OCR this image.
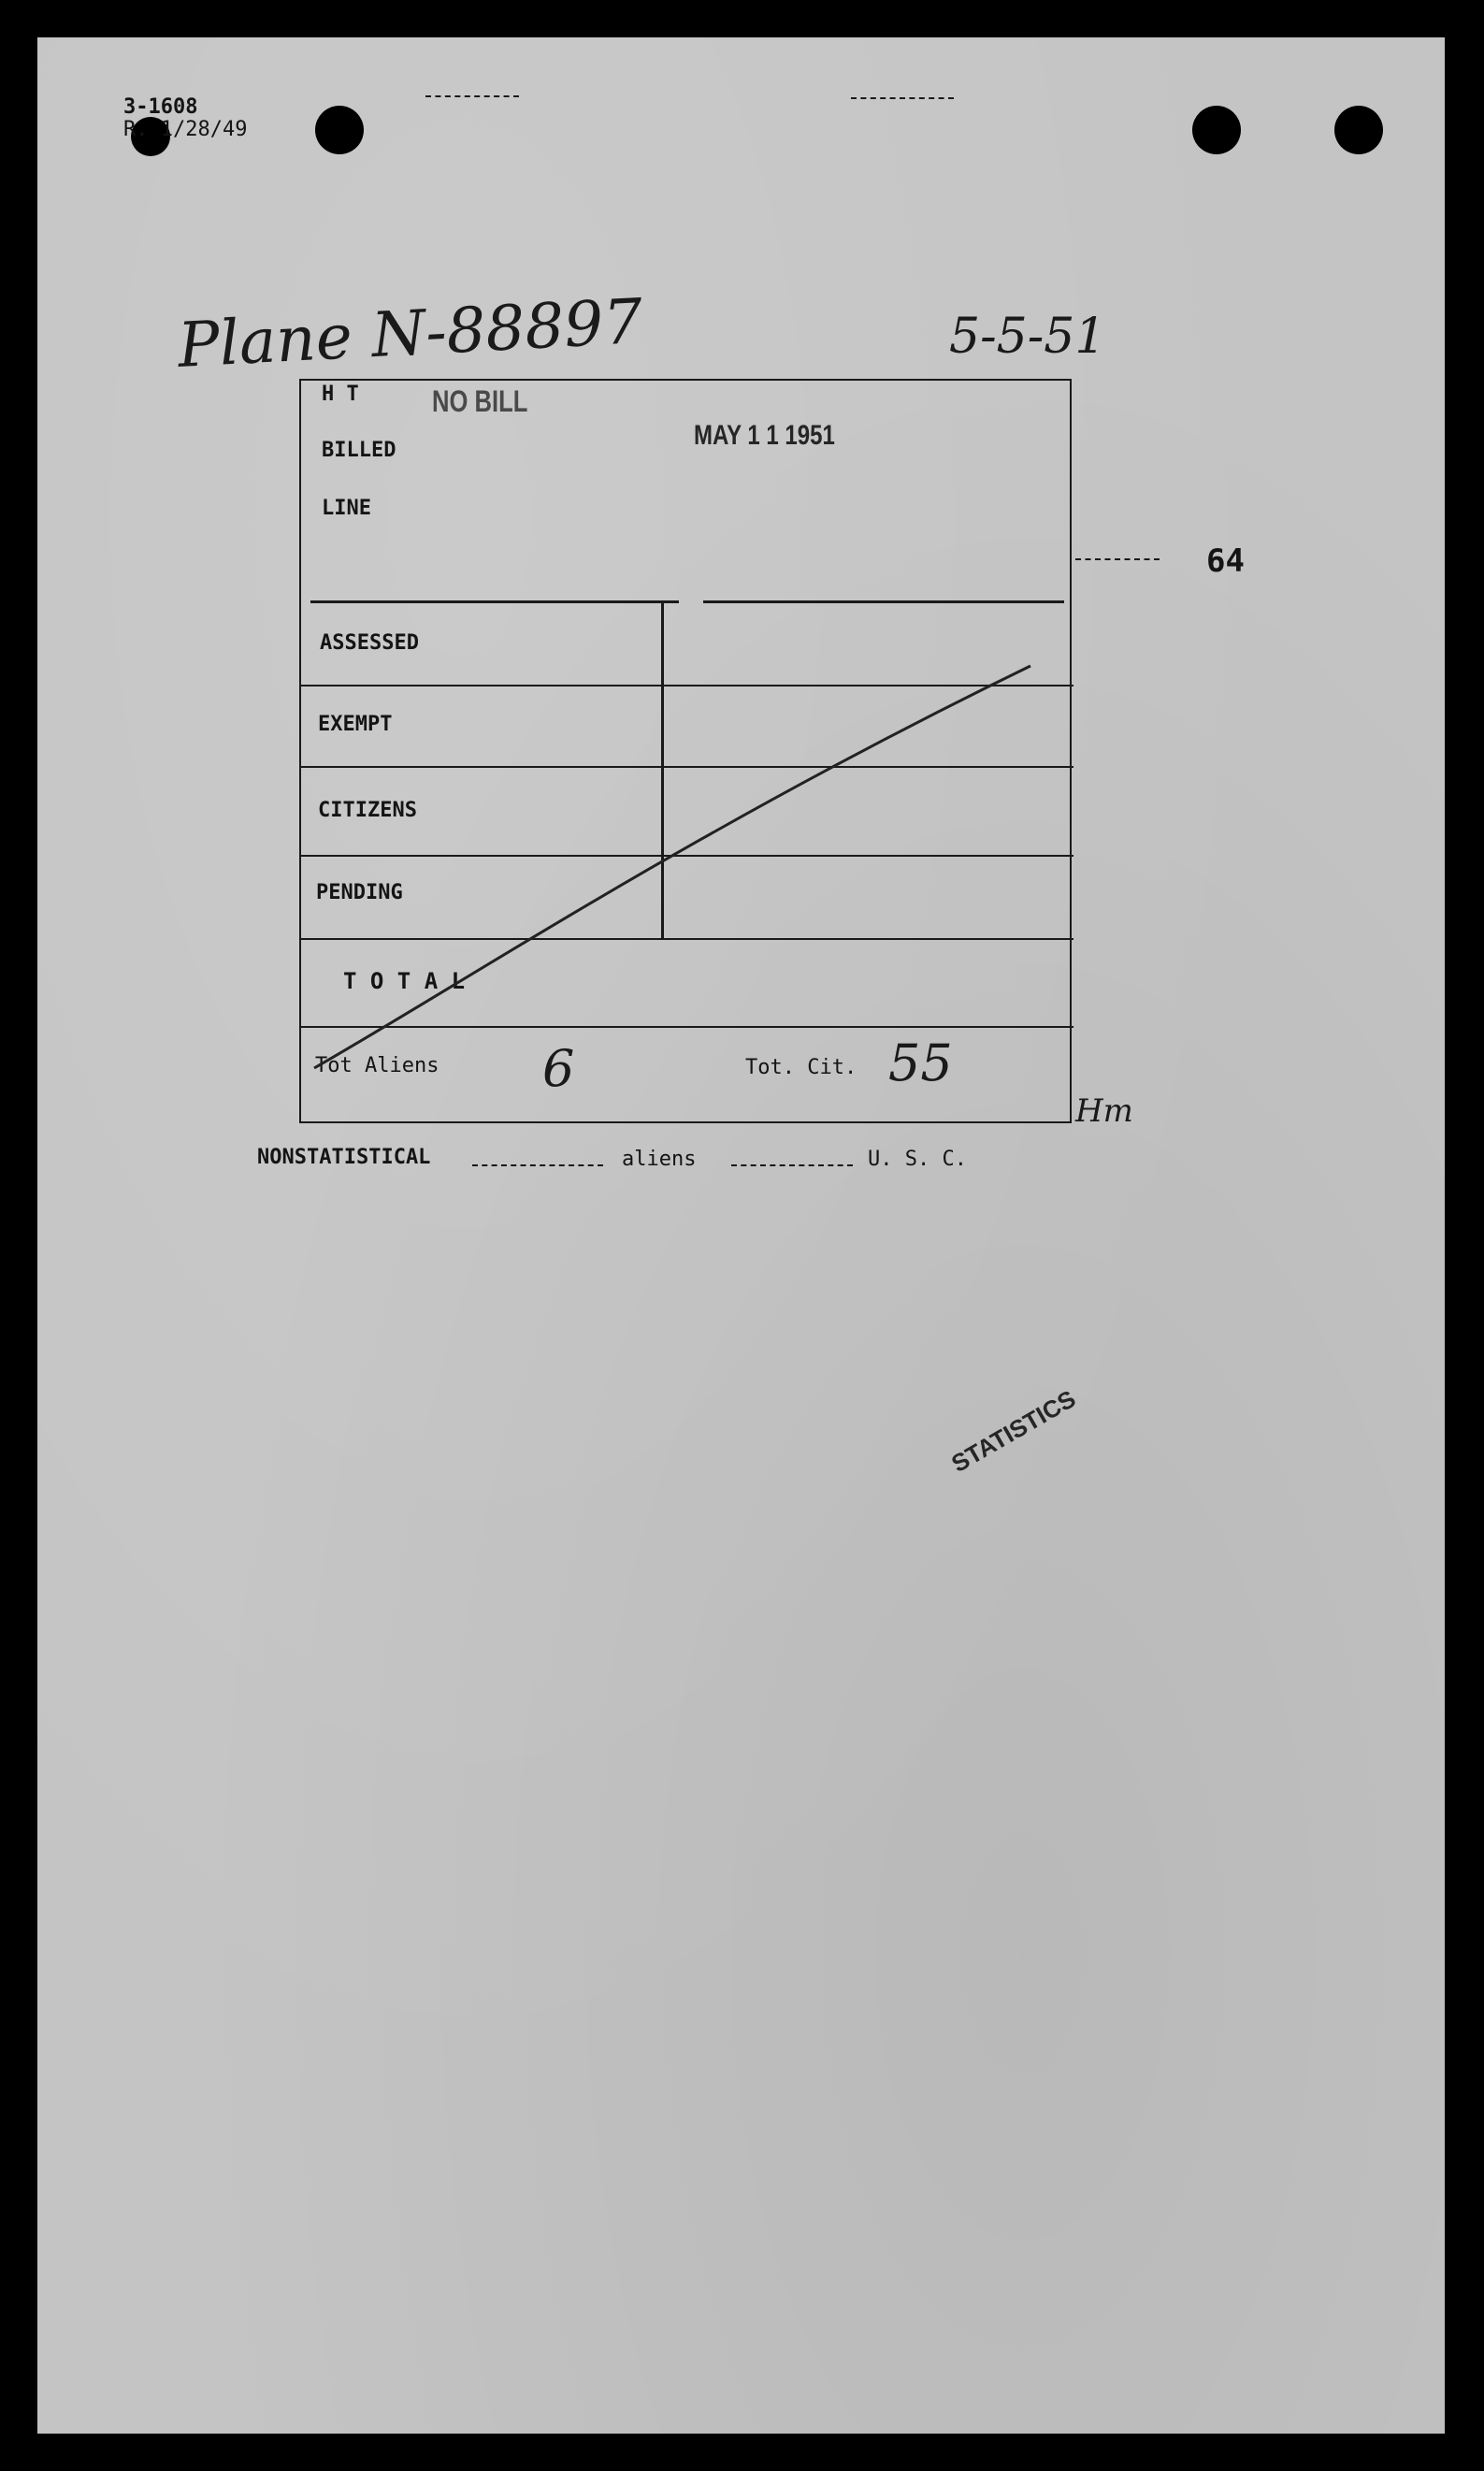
3-1608
R. 1/28/49
Plane N-88897	5-5-51
H T NO BILL
BILLED	MAY 1 1 1951
LINE
ASSESSED
EXEMPT
CITIZENS
PENDING
T O T A L
Tot Aliens 6	Tot. Cit. 55
64
Hm
NONSTATISTICAL	aliens	U. S. C.
STATISTICS
